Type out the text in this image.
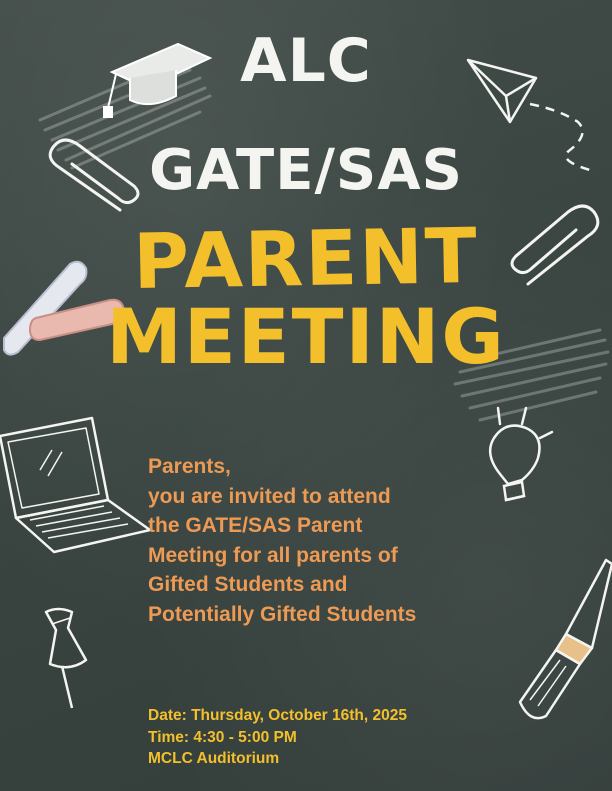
ALC
GATE/SAS
PARENT
MEETING
Parents,
you are invited to attend
the GATE/SAS Parent
Meeting for all parents of
Gifted Students and
Potentially Gifted Students
Date: Thursday, October 16th, 2025
Time: 4:30 - 5:00 PM
MCLC Auditorium
